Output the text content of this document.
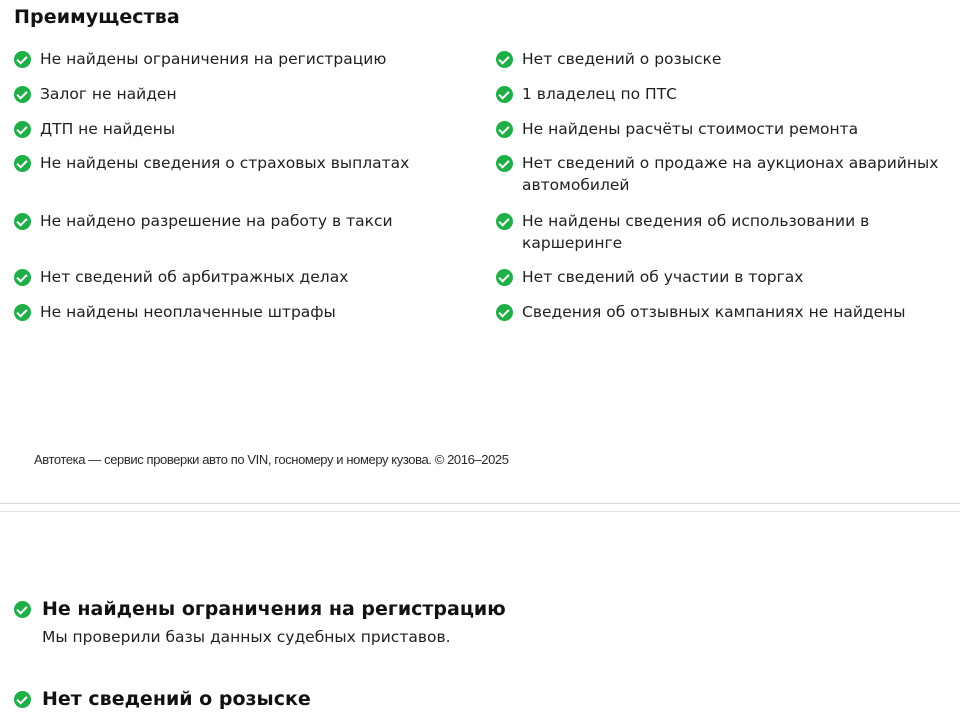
Преимущества
Не найдены ограничения на регистрацию
Залог не найден
ДТП не найдены
Не найдены сведения о страховых выплатах
Не найдено разрешение на работу в такси
Нет сведений об арбитражных делах
Не найдены неоплаченные штрафы
Нет сведений о розыске
1 владелец по ПТС
Не найдены расчёты стоимости ремонта
Нет сведений о продаже на аукционах аварийных автомобилей
Не найдены сведения об использовании в каршеринге
Нет сведений об участии в торгах
Сведения об отзывных кампаниях не найдены
Автотека — сервис проверки авто по VIN, госномеру и номеру кузова. © 2016–2025
Не найдены ограничения на регистрацию
Мы проверили базы данных судебных приставов.
Нет сведений о розыске
